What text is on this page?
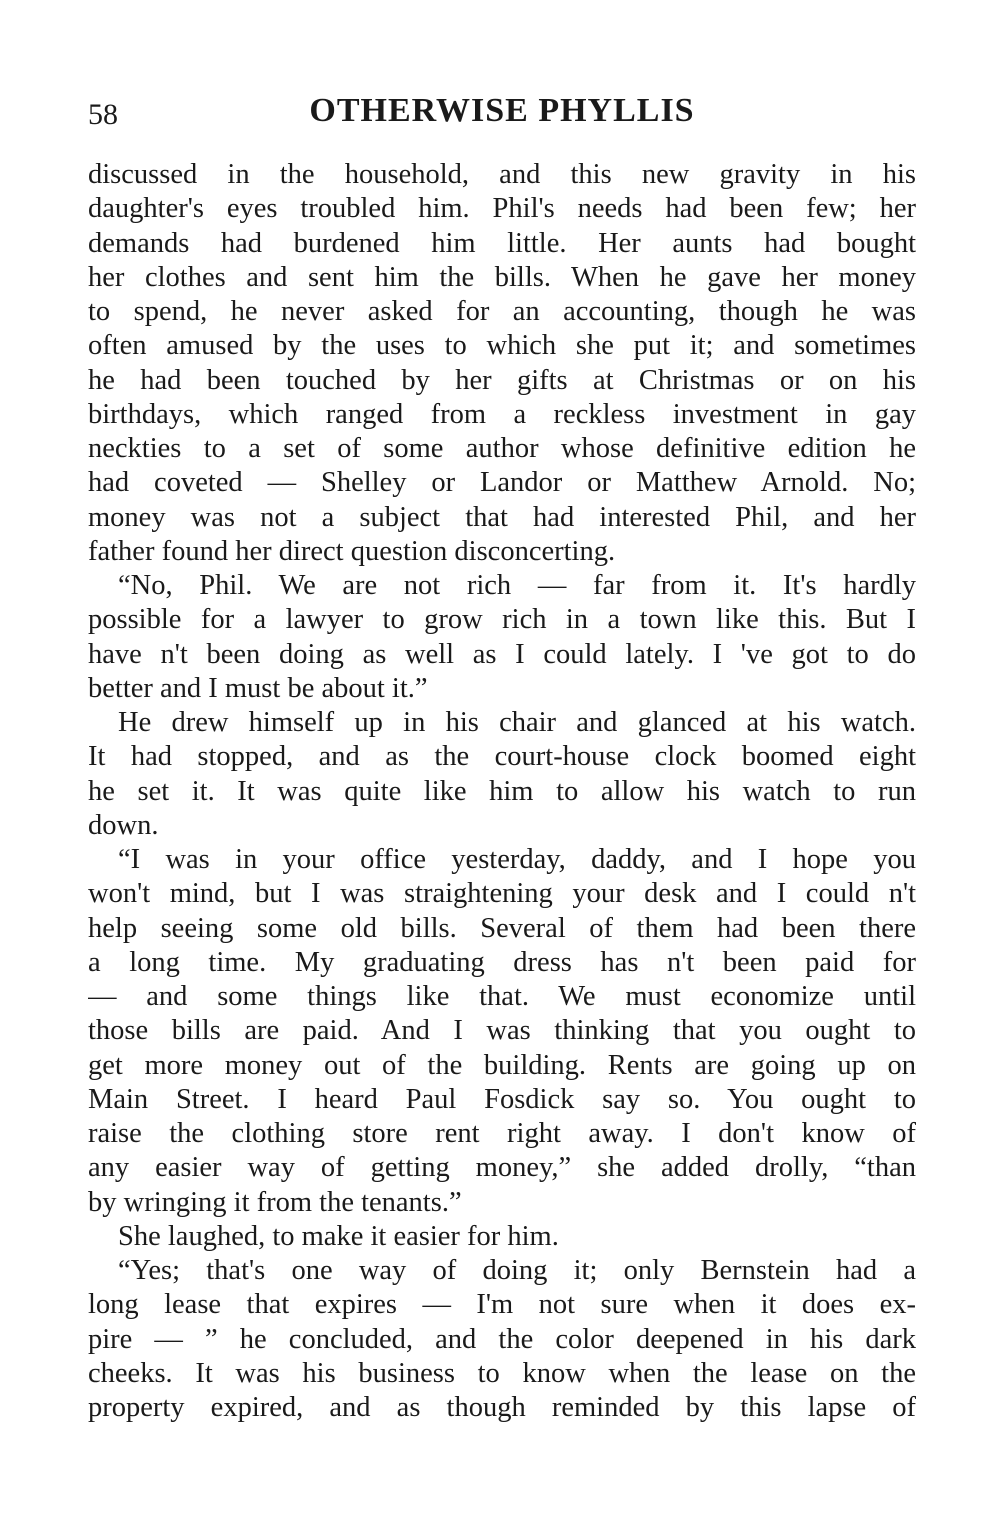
58	OTHERWISE PHYLLIS
discussed in the household, and this new gravity in his
daughter's eyes troubled him. Phil's needs had been few; her
demands had burdened him little. Her aunts had bought
her clothes and sent him the bills. When he gave her money
to spend, he never asked for an accounting, though he was
often amused by the uses to which she put it; and sometimes
he had been touched by her gifts at Christmas or on his
birthdays, which ranged from a reckless investment in gay
neckties to a set of some author whose definitive edition he
had coveted — Shelley or Landor or Matthew Arnold. No;
money was not a subject that had interested Phil, and her
father found her direct question disconcerting.
“No, Phil. We are not rich — far from it. It's hardly
possible for a lawyer to grow rich in a town like this. But I
have n't been doing as well as I could lately. I 've got to do
better and I must be about it.”
He drew himself up in his chair and glanced at his watch.
It had stopped, and as the court-house clock boomed eight
he set it. It was quite like him to allow his watch to run
down.
“I was in your office yesterday, daddy, and I hope you
won't mind, but I was straightening your desk and I could n't
help seeing some old bills. Several of them had been there
a long time. My graduating dress has n't been paid for
— and some things like that. We must economize until
those bills are paid. And I was thinking that you ought to
get more money out of the building. Rents are going up on
Main Street. I heard Paul Fosdick say so. You ought to
raise the clothing store rent right away. I don't know of
any easier way of getting money,” she added drolly, “than
by wringing it from the tenants.”
She laughed, to make it easier for him.
“Yes; that's one way of doing it; only Bernstein had a
long lease that expires — I'm not sure when it does ex-
pire — ” he concluded, and the color deepened in his dark
cheeks. It was his business to know when the lease on the
property expired, and as though reminded by this lapse of
